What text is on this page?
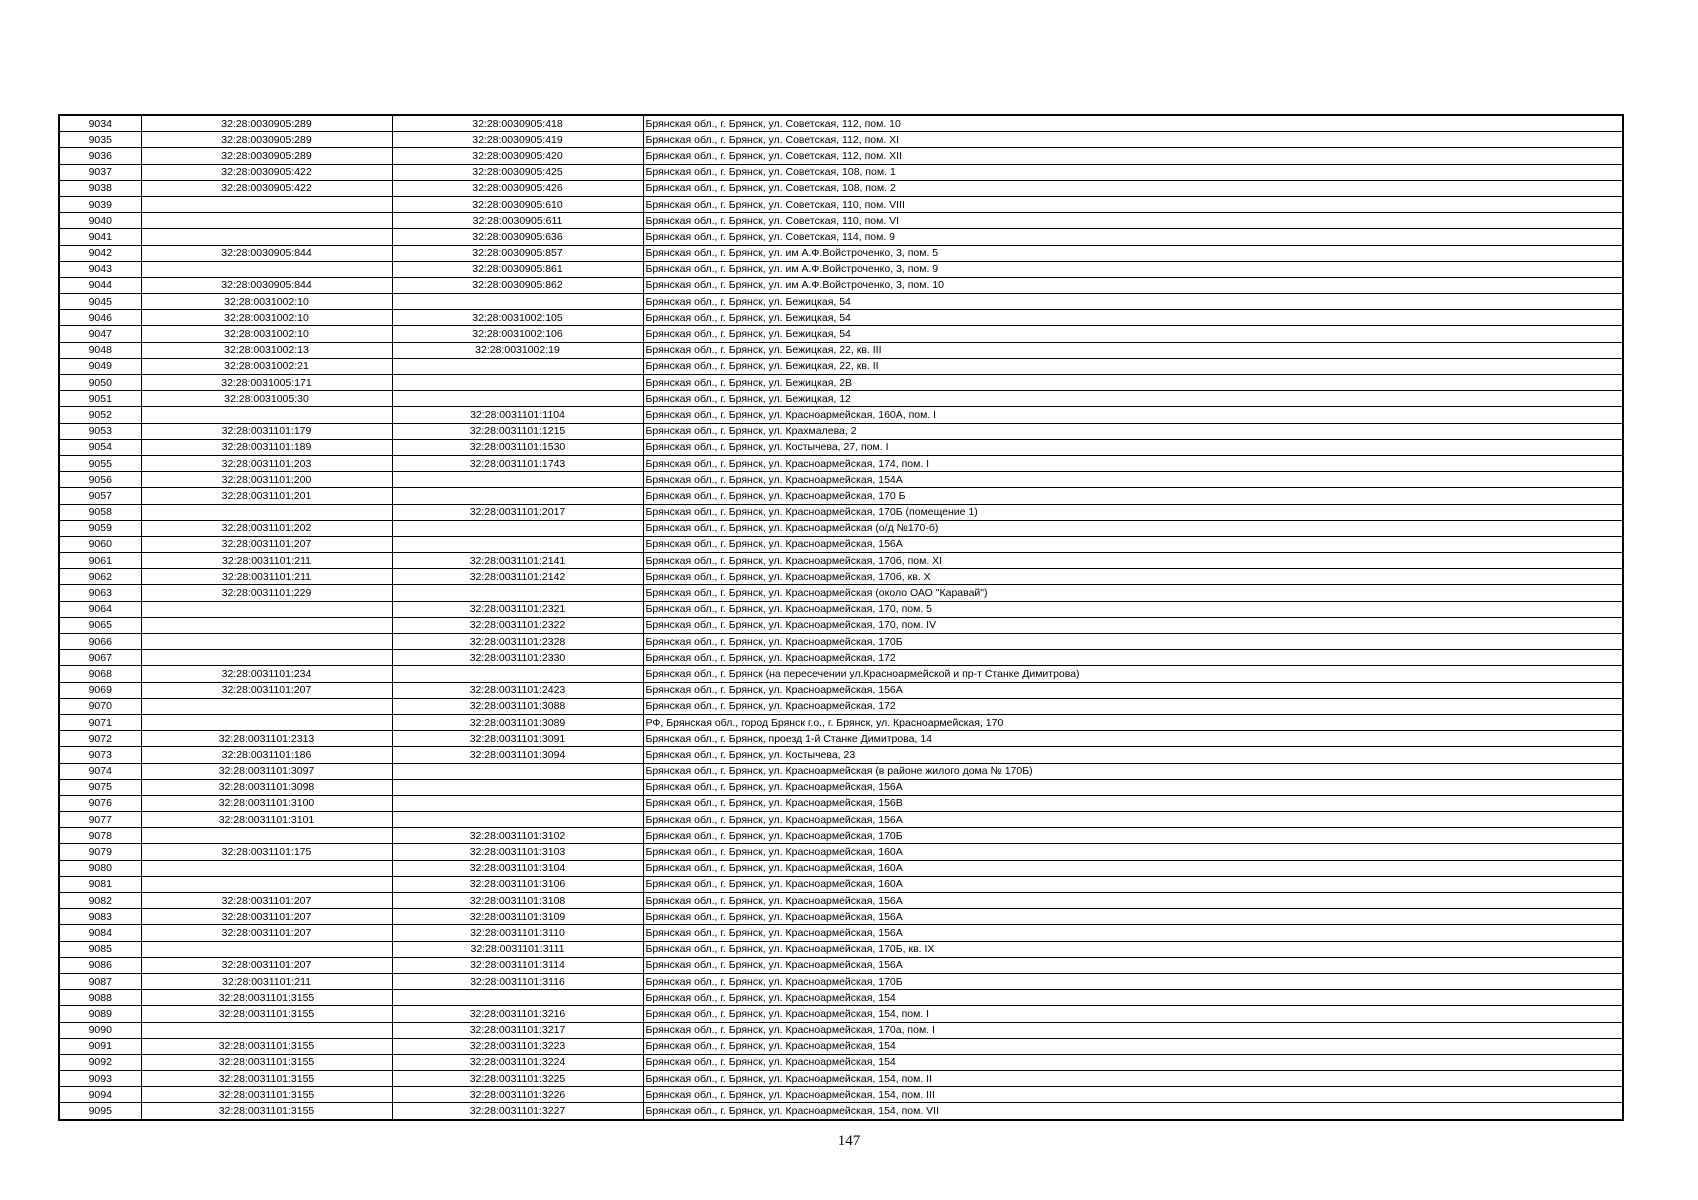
9034	32:28:0030905:289	32:28:0030905:418	Брянская обл., г. Брянск, ул. Советская, 112, пом. 10
9035	32:28:0030905:289	32:28:0030905:419	Брянская обл., г. Брянск, ул. Советская, 112, пом. XI
9036	32:28:0030905:289	32:28:0030905:420	Брянская обл., г. Брянск, ул. Советская, 112, пом. XII
9037	32:28:0030905:422	32:28:0030905:425	Брянская обл., г. Брянск, ул. Советская, 108, пом. 1
9038	32:28:0030905:422	32:28:0030905:426	Брянская обл., г. Брянск, ул. Советская, 108, пом. 2
9039		32:28:0030905:610	Брянская обл., г. Брянск, ул. Советская, 110, пом. VIII
9040		32:28:0030905:611	Брянская обл., г. Брянск, ул. Советская, 110, пом. VI
9041		32:28:0030905:636	Брянская обл., г. Брянск, ул. Советская, 114, пом. 9
9042	32:28:0030905:844	32:28:0030905:857	Брянская обл., г. Брянск, ул. им А.Ф.Войстроченко, 3, пом. 5
9043		32:28:0030905:861	Брянская обл., г. Брянск, ул. им А.Ф.Войстроченко, 3, пом. 9
9044	32:28:0030905:844	32:28:0030905:862	Брянская обл., г. Брянск, ул. им А.Ф.Войстроченко, 3, пом. 10
9045	32:28:0031002:10		Брянская обл., г. Брянск, ул. Бежицкая, 54
9046	32:28:0031002:10	32:28:0031002:105	Брянская обл., г. Брянск, ул. Бежицкая, 54
9047	32:28:0031002:10	32:28:0031002:106	Брянская обл., г. Брянск, ул. Бежицкая, 54
9048	32:28:0031002:13	32:28:0031002:19	Брянская обл., г. Брянск, ул. Бежицкая, 22, кв. III
9049	32:28:0031002:21		Брянская обл., г. Брянск, ул. Бежицкая, 22, кв. II
9050	32:28:0031005:171		Брянская обл., г. Брянск, ул. Бежицкая, 2В
9051	32:28:0031005:30		Брянская обл., г. Брянск, ул. Бежицкая, 12
9052		32:28:0031101:1104	Брянская обл., г. Брянск, ул. Красноармейская, 160А, пом. I
9053	32:28:0031101:179	32:28:0031101:1215	Брянская обл., г. Брянск, ул. Крахмалева, 2
9054	32:28:0031101:189	32:28:0031101:1530	Брянская обл., г. Брянск, ул. Костычева, 27, пом. I
9055	32:28:0031101:203	32:28:0031101:1743	Брянская обл., г. Брянск, ул. Красноармейская, 174, пом. I
9056	32:28:0031101:200		Брянская обл., г. Брянск, ул. Красноармейская, 154А
9057	32:28:0031101:201		Брянская обл., г. Брянск, ул. Красноармейская, 170 Б
9058		32:28:0031101:2017	Брянская обл., г. Брянск, ул. Красноармейская, 170Б (помещение 1)
9059	32:28:0031101:202		Брянская обл., г. Брянск, ул. Красноармейская (о/д №170-б)
9060	32:28:0031101:207		Брянская обл., г. Брянск, ул. Красноармейская, 156А
9061	32:28:0031101:211	32:28:0031101:2141	Брянская обл., г. Брянск, ул. Красноармейская, 170б, пом. XI
9062	32:28:0031101:211	32:28:0031101:2142	Брянская обл., г. Брянск, ул. Красноармейская, 170б, кв. X
9063	32:28:0031101:229		Брянская обл., г. Брянск, ул. Красноармейская (около ОАО "Каравай")
9064		32:28:0031101:2321	Брянская обл., г. Брянск, ул. Красноармейская, 170, пом. 5
9065		32:28:0031101:2322	Брянская обл., г. Брянск, ул. Красноармейская, 170, пом. IV
9066		32:28:0031101:2328	Брянская обл., г. Брянск, ул. Красноармейская, 170Б
9067		32:28:0031101:2330	Брянская обл., г. Брянск, ул. Красноармейская, 172
9068	32:28:0031101:234		Брянская обл., г. Брянск (на пересечении ул.Красноармейской и пр-т Станке Димитрова)
9069	32:28:0031101:207	32:28:0031101:2423	Брянская обл., г. Брянск, ул. Красноармейская, 156А
9070		32:28:0031101:3088	Брянская обл., г. Брянск, ул. Красноармейская, 172
9071		32:28:0031101:3089	РФ, Брянская обл., город Брянск г.о., г. Брянск, ул. Красноармейская, 170
9072	32:28:0031101:2313	32:28:0031101:3091	Брянская обл., г. Брянск, проезд 1-й Станке Димитрова, 14
9073	32:28:0031101:186	32:28:0031101:3094	Брянская обл., г. Брянск, ул. Костычева, 23
9074	32:28:0031101:3097		Брянская обл., г. Брянск, ул. Красноармейская (в районе жилого дома № 170Б)
9075	32:28:0031101:3098		Брянская обл., г. Брянск, ул. Красноармейская, 156А
9076	32:28:0031101:3100		Брянская обл., г. Брянск, ул. Красноармейская, 156В
9077	32:28:0031101:3101		Брянская обл., г. Брянск, ул. Красноармейская, 156А
9078		32:28:0031101:3102	Брянская обл., г. Брянск, ул. Красноармейская, 170Б
9079	32:28:0031101:175	32:28:0031101:3103	Брянская обл., г. Брянск, ул. Красноармейская, 160А
9080		32:28:0031101:3104	Брянская обл., г. Брянск, ул. Красноармейская, 160А
9081		32:28:0031101:3106	Брянская обл., г. Брянск, ул. Красноармейская, 160А
9082	32:28:0031101:207	32:28:0031101:3108	Брянская обл., г. Брянск, ул. Красноармейская, 156А
9083	32:28:0031101:207	32:28:0031101:3109	Брянская обл., г. Брянск, ул. Красноармейская, 156А
9084	32:28:0031101:207	32:28:0031101:3110	Брянская обл., г. Брянск, ул. Красноармейская, 156А
9085		32:28:0031101:3111	Брянская обл., г. Брянск, ул. Красноармейская, 170Б, кв. IX
9086	32:28:0031101:207	32:28:0031101:3114	Брянская обл., г. Брянск, ул. Красноармейская, 156А
9087	32:28:0031101:211	32:28:0031101:3116	Брянская обл., г. Брянск, ул. Красноармейская, 170Б
9088	32:28:0031101:3155		Брянская обл., г. Брянск, ул. Красноармейская, 154
9089	32:28:0031101:3155	32:28:0031101:3216	Брянская обл., г. Брянск, ул. Красноармейская, 154, пом. I
9090		32:28:0031101:3217	Брянская обл., г. Брянск, ул. Красноармейская, 170а, пом. I
9091	32:28:0031101:3155	32:28:0031101:3223	Брянская обл., г. Брянск, ул. Красноармейская, 154
9092	32:28:0031101:3155	32:28:0031101:3224	Брянская обл., г. Брянск, ул. Красноармейская, 154
9093	32:28:0031101:3155	32:28:0031101:3225	Брянская обл., г. Брянск, ул. Красноармейская, 154, пом. II
9094	32:28:0031101:3155	32:28:0031101:3226	Брянская обл., г. Брянск, ул. Красноармейская, 154, пом. III
9095	32:28:0031101:3155	32:28:0031101:3227	Брянская обл., г. Брянск, ул. Красноармейская, 154, пом. VII
147
